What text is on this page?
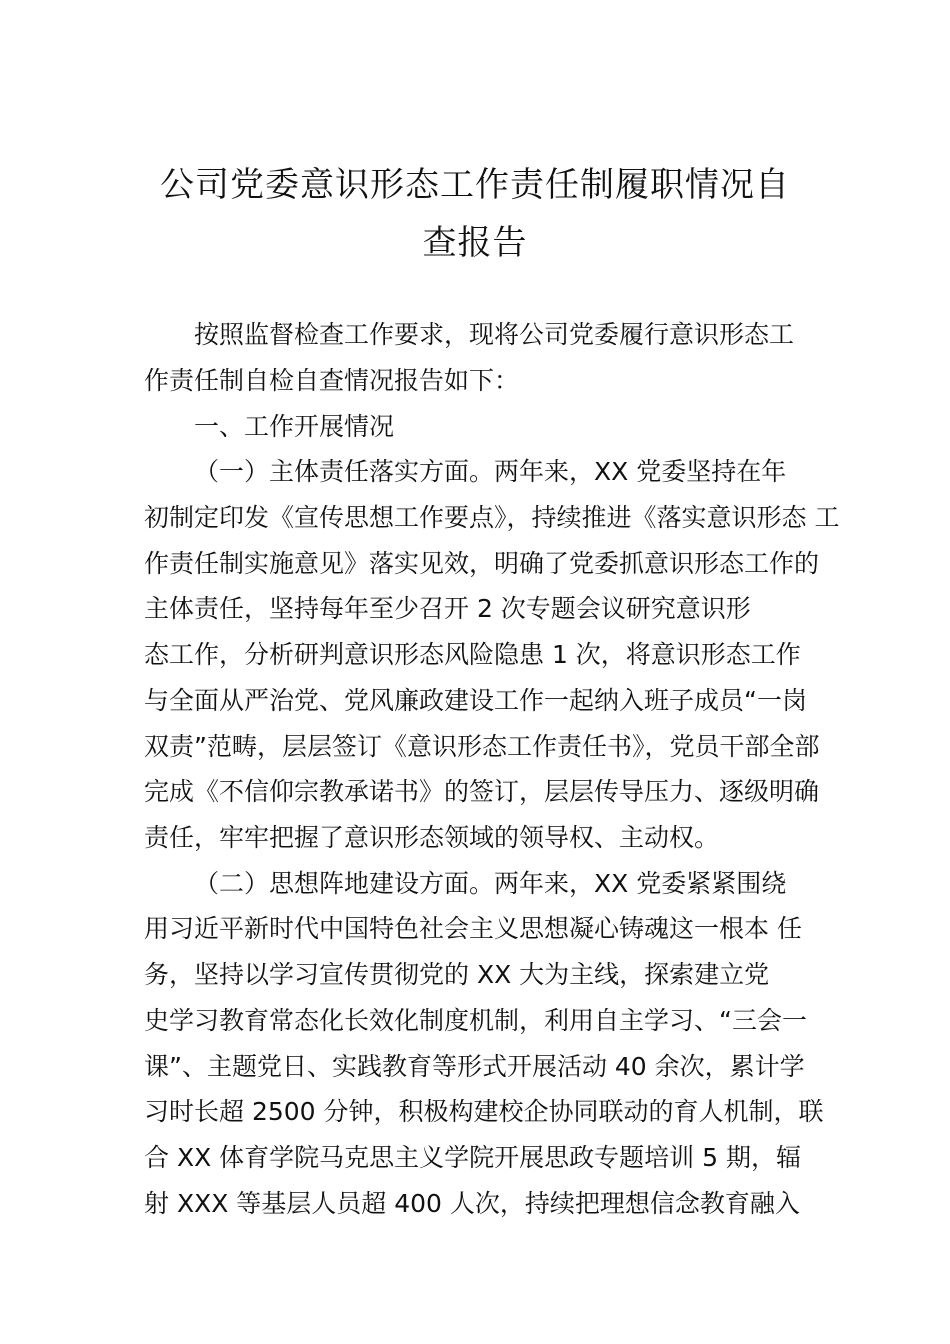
公司党委意识形态工作责任制履职情况自
查报告
按照监督检查工作要求，现将公司党委履行意识形态工
作责任制自检自查情况报告如下：
一、工作开展情况
（一）主体责任落实方面。两年来，XX 党委坚持在年
初制定印发《宣传思想工作要点》，持续推进《落实意识形态 工
作责任制实施意见》落实见效，明确了党委抓意识形态工作的
主体责任，坚持每年至少召开 2 次专题会议研究意识形
态工作，分析研判意识形态风险隐患 1 次，将意识形态工作
与全面从严治党、党风廉政建设工作一起纳入班子成员“一岗
双责”范畴，层层签订《意识形态工作责任书》，党员干部全部
完成《不信仰宗教承诺书》的签订，层层传导压力、逐级明确
责任，牢牢把握了意识形态领域的领导权、主动权。
（二）思想阵地建设方面。两年来，XX 党委紧紧围绕
用习近平新时代中国特色社会主义思想凝心铸魂这一根本 任
务，坚持以学习宣传贯彻党的 XX 大为主线，探索建立党
史学习教育常态化长效化制度机制，利用自主学习、“三会一
课”、主题党日、实践教育等形式开展活动 40 余次，累计学
习时长超 2500 分钟，积极构建校企协同联动的育人机制，联
合 XX 体育学院马克思主义学院开展思政专题培训 5 期，辐
射 XXX 等基层人员超 400 人次，持续把理想信念教育融入
